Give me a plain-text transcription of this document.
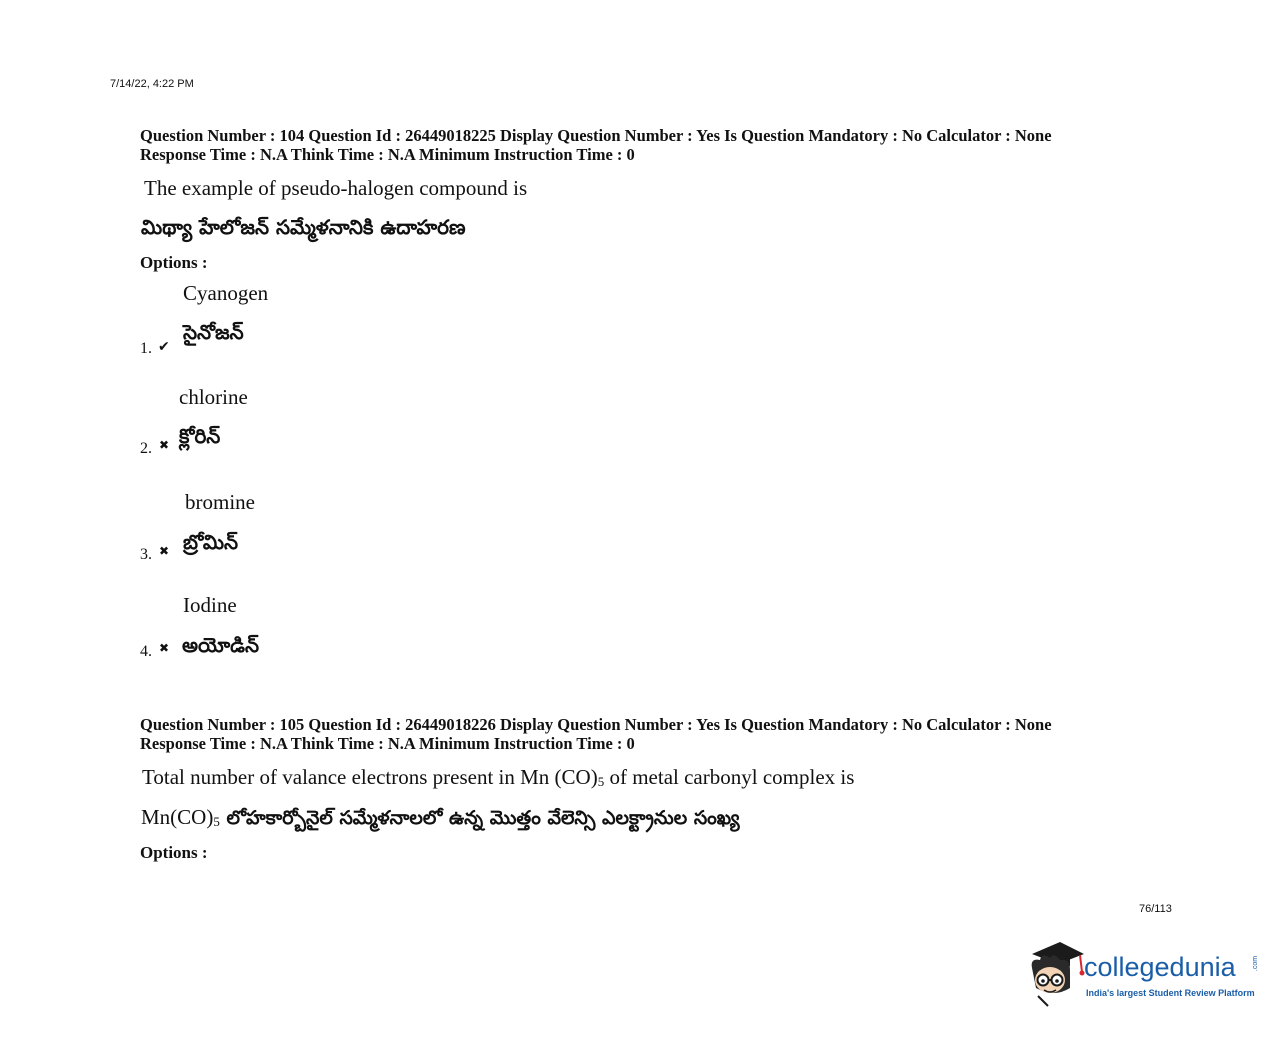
7/14/22, 4:22 PM
Question Number : 104 Question Id : 26449018225 Display Question Number : Yes Is Question Mandatory : No Calculator : None
Response Time : N.A Think Time : N.A Minimum Instruction Time : 0
The example of pseudo-halogen compound is
మిథ్యా హేలోజన్ సమ్మేళనానికి ఉదాహరణ
Options :
Cyanogen
సైనోజన్
1. ✔
chlorine
క్లోరిన్
2. ✖
bromine
బ్రోమిన్
3. ✖
Iodine
అయోడిన్
4. ✖
Question Number : 105 Question Id : 26449018226 Display Question Number : Yes Is Question Mandatory : No Calculator : None
Response Time : N.A Think Time : N.A Minimum Instruction Time : 0
Total number of valance electrons present in Mn $(CO)_5$ of metal carbonyl complex is
$Mn(CO)_5$ లోహకార్బోనైల్ సమ్మేళనాలలో ఉన్న మొత్తం వేలెన్సి ఎలక్ట్రానుల సంఖ్య
Options :
76/113
collegedunia .com
India's largest Student Review Platform
